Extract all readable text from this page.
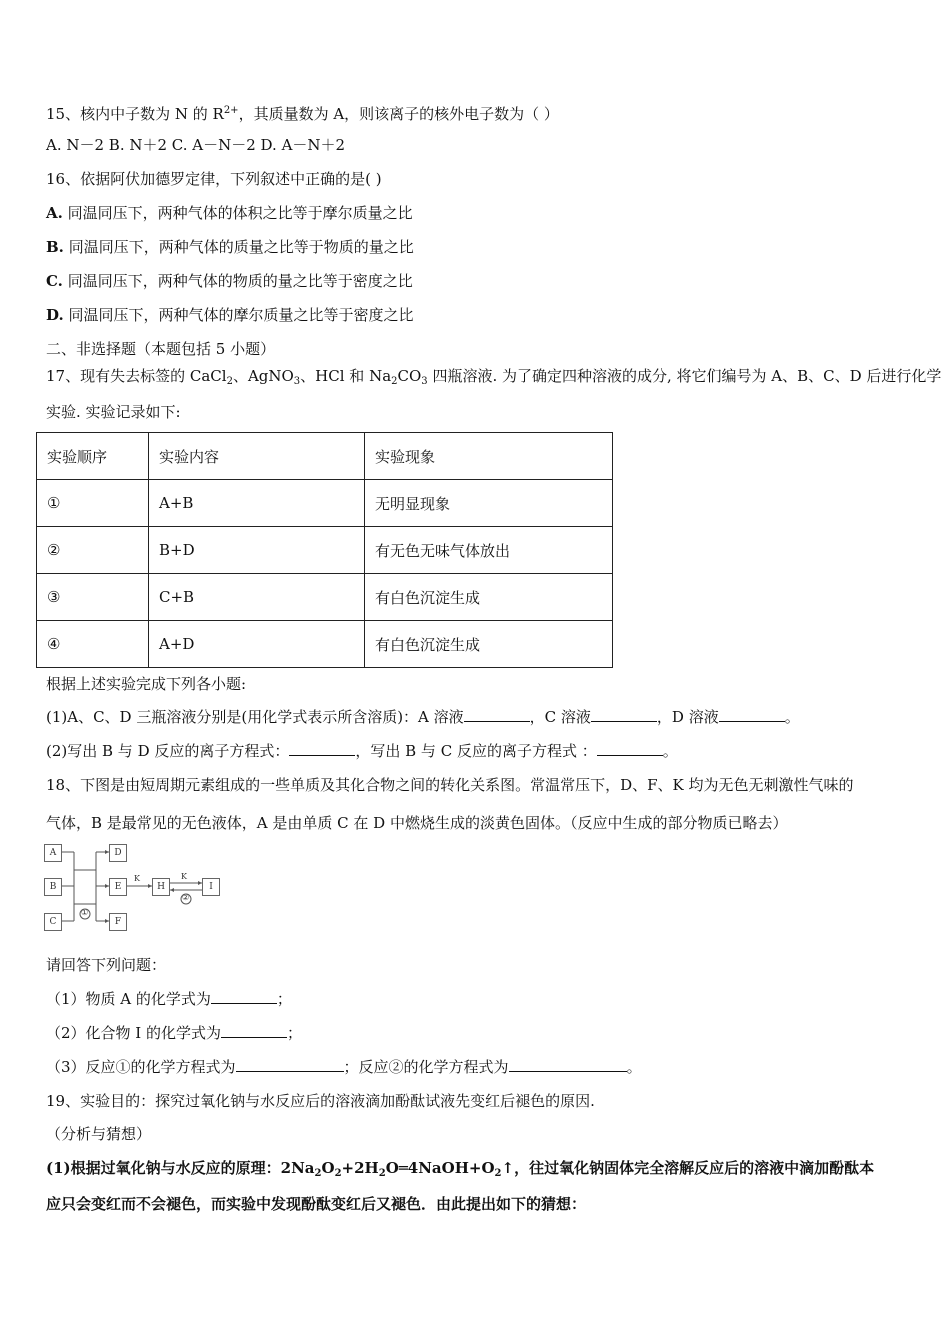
15、核内中子数为 N 的 $R^{2+}$，其质量数为 A，则该离子的核外电子数为（ ）
A. N－2 B. N＋2 C. A－N－2 D. A－N＋2
16、依据阿伏加德罗定律，下列叙述中正确的是( )
A. 同温同压下，两种气体的体积之比等于摩尔质量之比
B. 同温同压下，两种气体的质量之比等于物质的量之比
C. 同温同压下，两种气体的物质的量之比等于密度之比
D. 同温同压下，两种气体的摩尔质量之比等于密度之比
二、非选择题（本题包括 5 小题）
17、现有失去标签的 CaCl$_2$、AgNO$_3$、HCl 和 $Na_2CO_3$ 四瓶溶液. 为了确定四种溶液的成分, 将它们编号为 A、B、C、D 后进行化学
实验. 实验记录如下:
实验顺序	实验内容	实验现象
①	A+B	无明显现象
②	B+D	有无色无味气体放出
③	C+B	有白色沉淀生成
④	A+D	有白色沉淀生成
根据上述实验完成下列各小题:
(1)A、C、D 三瓶溶液分别是(用化学式表示所含溶质)：A 溶液	，C 溶液	，D 溶液	。
(2)写出 B 与 D 反应的离子方程式：	，写出 B 与 C 反应的离子方程式 ：	。
18、下图是由短周期元素组成的一些单质及其化合物之间的转化关系图。常温常压下，D、F、K 均为无色无刺激性气味的
气体，B 是最常见的无色液体，A 是由单质 C 在 D 中燃烧生成的淡黄色固体。（反应中生成的部分物质已略去）
A
B
C
D
E
F
H	I
K	K
①
②
请回答下列问题：
（1）物质 A 的化学式为	；
（2）化合物 I 的化学式为	；
（3）反应①的化学方程式为	；反应②的化学方程式为	。
19、实验目的：探究过氧化钠与水反应后的溶液滴加酚酞试液先变红后褪色的原因.
（分析与猜想）
(1)根据过氧化钠与水反应的原理：$2Na_2O_2+2H_2O═4NaOH+O_2↑$，往过氧化钠固体完全溶解反应后的溶液中滴加酚酞本
应只会变红而不会褪色，而实验中发现酚酞变红后又褪色．由此提出如下的猜想：
